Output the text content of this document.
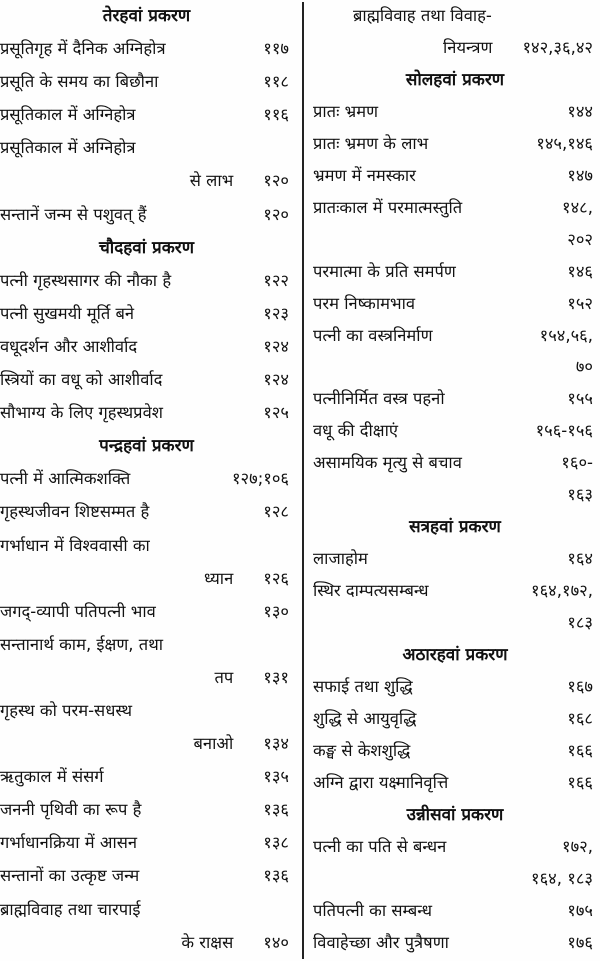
तेरहवां प्रकरण
प्रसूतिगृह में दैनिक अग्निहोत्र	११७
प्रसूति के समय का बिछौना	११८
प्रसूतिकाल में अग्निहोत्र	११६
प्रसूतिकाल में अग्निहोत्र
से लाभ १२०
सन्तानें जन्म से पशुवत् हैं	१२०
चौदहवां प्रकरण
पत्नी गृहस्थसागर की नौका है	१२२
पत्नी सुखमयी मूर्ति बने	१२३
वधूदर्शन और आशीर्वाद	१२४
स्त्रियों का वधू को आशीर्वाद	१२४
सौभाग्य के लिए गृहस्थप्रवेश	१२५
पन्द्रहवां प्रकरण
पत्नी में आत्मिकशक्ति	१२७;१०६
गृहस्थजीवन शिष्टसम्मत है	१२८
गर्भाधान में विश्ववासी का
ध्यान १२६
जगद्-व्यापी पतिपत्नी भाव	१३०
सन्तानार्थ काम, ईक्षण, तथा
तप १३१
गृहस्थ को परम-सधस्थ
बनाओ १३४
ऋतुकाल में संसर्ग	१३५
जननी पृथिवी का रूप है	१३६
गर्भाधानक्रिया में आसन	१३८
सन्तानों का उत्कृष्ट जन्म	१३६
ब्राह्मविवाह तथा चारपाई
के राक्षस १४०
ब्राह्मविवाह तथा विवाह-
नियन्त्रण १४२,३६,४२
सोलहवां प्रकरण
प्रातः भ्रमण	१४४
प्रातः भ्रमण के लाभ	१४५,१४६
भ्रमण में नमस्कार	१४७
प्रातःकाल में परमात्मस्तुति	१४८,
२०२
परमात्मा के प्रति समर्पण	१४६
परम निष्कामभाव	१५२
पत्नी का वस्त्रनिर्माण	१५४,५६,
७०
पत्नीनिर्मित वस्त्र पहनो	१५५
वधू की दीक्षाएं	१५६-१५६
असामयिक मृत्यु से बचाव	१६०-
१६३
सत्रहवां प्रकरण
लाजाहोम	१६४
स्थिर दाम्पत्यसम्बन्ध	१६४,१७२,
१८३
अठारहवां प्रकरण
सफाई तथा शुद्धि	१६७
शुद्धि से आयुवृद्धि	१६८
कङ्घ से केशशुद्धि	१६६
अग्नि द्वारा यक्ष्मानिवृत्ति	१६६
उन्नीसवां प्रकरण
पत्नी का पति से बन्धन	१७२,
१६४, १८३
पतिपत्नी का सम्बन्ध	१७५
विवाहेच्छा और पुत्रैषणा	१७६
